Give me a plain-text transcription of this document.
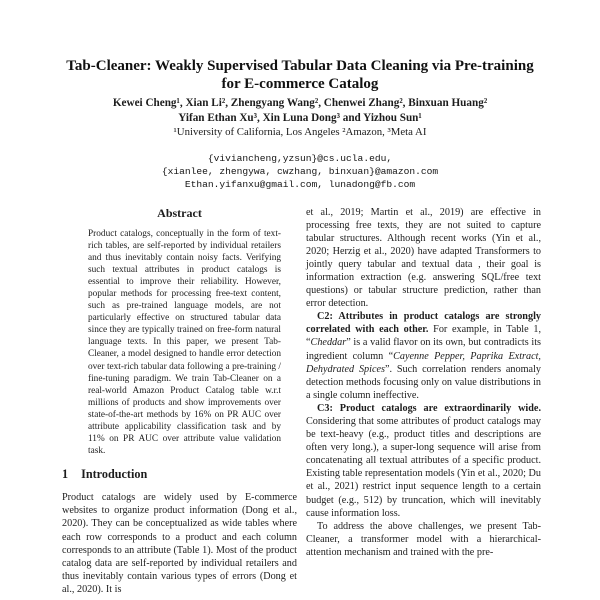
Tab-Cleaner: Weakly Supervised Tabular Data Cleaning via Pre-training
for E-commerce Catalog
Kewei Cheng¹, Xian Li², Zhengyang Wang², Chenwei Zhang², Binxuan Huang²
Yifan Ethan Xu³, Xin Luna Dong³ and Yizhou Sun¹
¹University of California, Los Angeles ²Amazon, ³Meta AI
{viviancheng,yzsun}@cs.ucla.edu,
{xianlee, zhengywa, cwzhang, binxuan}@amazon.com
Ethan.yifanxu@gmail.com, lunadong@fb.com
Abstract

Product catalogs, conceptually in the form of text-rich tables, are self-reported by individual retailers and thus inevitably contain noisy facts. Verifying such textual attributes in product catalogs is essential to improve their reliability. However, popular methods for processing free-text content, such as pre-trained language models, are not particularly effective on structured tabular data since they are typically trained on free-form natural language texts. In this paper, we present Tab-Cleaner, a model designed to handle error detection over text-rich tabular data following a pre-training / fine-tuning paradigm. We train Tab-Cleaner on a real-world Amazon Product Catalog table w.r.t millions of products and show improvements over state-of-the-art methods by 16% on PR AUC over attribute applicability classification task and by 11% on PR AUC over attribute value validation task.

1 Introduction

Product catalogs are widely used by E-commerce websites to organize product information (Dong et al., 2020). They can be conceptualized as wide tables where each row corresponds to a product and each column corresponds to an attribute (Table 1). Most of the product catalog data are self-reported by individual retailers and thus inevitably contain various types of errors (Dong et al., 2020). It is

et al., 2019; Martin et al., 2019) are effective in processing free texts, they are not suited to capture tabular structures. Although recent works (Yin et al., 2020; Herzig et al., 2020) have adapted Transformers to jointly query tabular and textual data , their goal is information extraction (e.g. answering SQL/free text questions) or tabular structure prediction, rather than error detection.

C2: Attributes in product catalogs are strongly correlated with each other. For example, in Table 1, “Cheddar” is a valid flavor on its own, but contradicts its ingredient column “Cayenne Pepper, Paprika Extract, Dehydrated Spices”. Such correlation renders anomaly detection methods focusing only on value distributions in a single column ineffective.

C3: Product catalogs are extraordinarily wide. Considering that some attributes of product catalogs may be text-heavy (e.g., product titles and descriptions are often very long.), a super-long sequence will arise from concatenating all textual attributes of a specific product. Existing table representation models (Yin et al., 2020; Du et al., 2021) restrict input sequence length to a certain budget (e.g., 512) by truncation, which will inevitably cause information loss.

To address the above challenges, we present Tab-Cleaner, a transformer model with a hierarchical-attention mechanism and trained with the pre-
